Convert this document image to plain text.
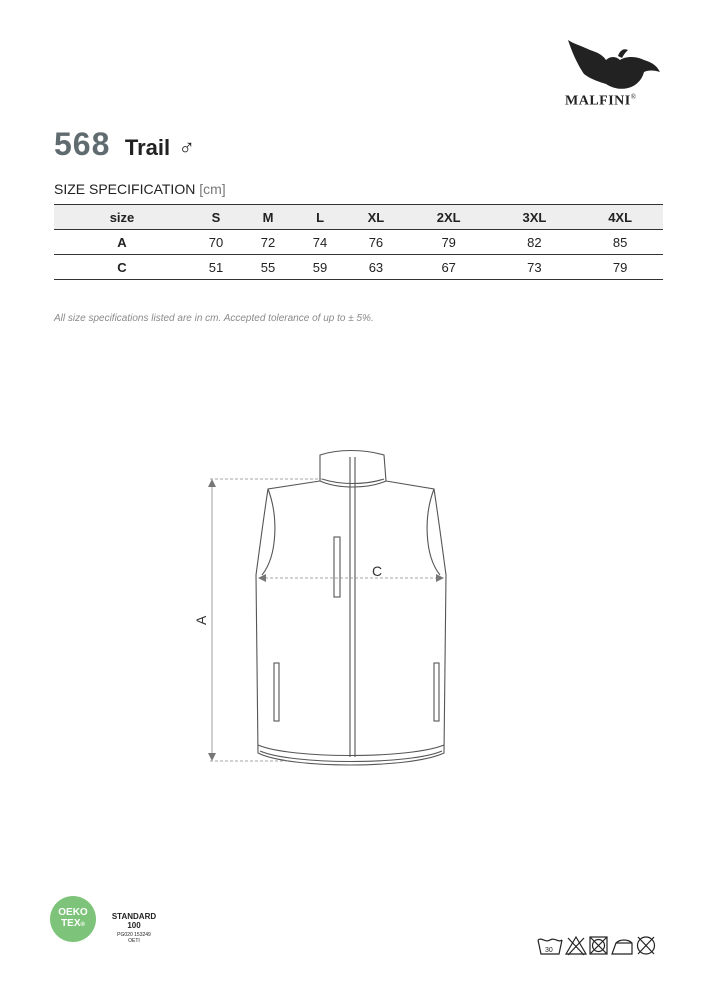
MALFINI®
568 Trail ♂
SIZE SPECIFICATION [cm]
size	S	M	L	XL	2XL	3XL	4XL
A	70	72	74	76	79	82	85
C	51	55	59	63	67	73	79
All size specifications listed are in cm. Accepted tolerance of up to ± 5%.
A
C
OEKO
TEX®
STANDARD
100
PG020 153249
OETI
30
